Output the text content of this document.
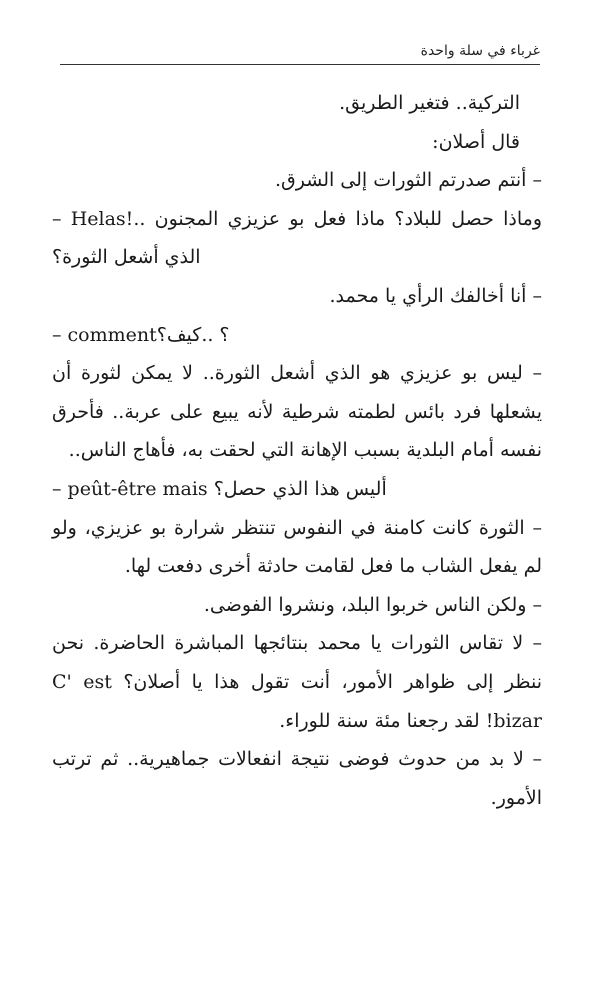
غرباء في سلة واحدة

التركية.. فتغير الطريق.

قال أصلان:

– أنتم صدرتم الثورات إلى الشرق.

– Helas!.. وماذا حصل للبلاد؟ ماذا فعل بو عزيزي المجنون الذي أشعل الثورة؟

– أنا أخالفك الرأي يا محمد.

– comment؟ ..كيف؟

– ليس بو عزيزي هو الذي أشعل الثورة.. لا يمكن لثورة أن يشعلها فرد بائس لطمته شرطية لأنه يبيع على عربة.. فأحرق نفسه أمام البلدية بسبب الإهانة التي لحقت به، فأهاج الناس..

– peût-être mais أليس هذا الذي حصل؟

– الثورة كانت كامنة في النفوس تنتظر شرارة بو عزيزي، ولو لم يفعل الشاب ما فعل لقامت حادثة أخرى دفعت لها.

– ولكن الناس خربوا البلد، ونشروا الفوضى.

– لا تقاس الثورات يا محمد بنتائجها المباشرة الحاضرة. نحن ننظر إلى ظواهر الأمور، أنت تقول هذا يا أصلان؟ C' est bizar! لقد رجعنا مئة سنة للوراء.

– لا بد من حدوث فوضى نتيجة انفعالات جماهيرية.. ثم ترتب الأمور.
